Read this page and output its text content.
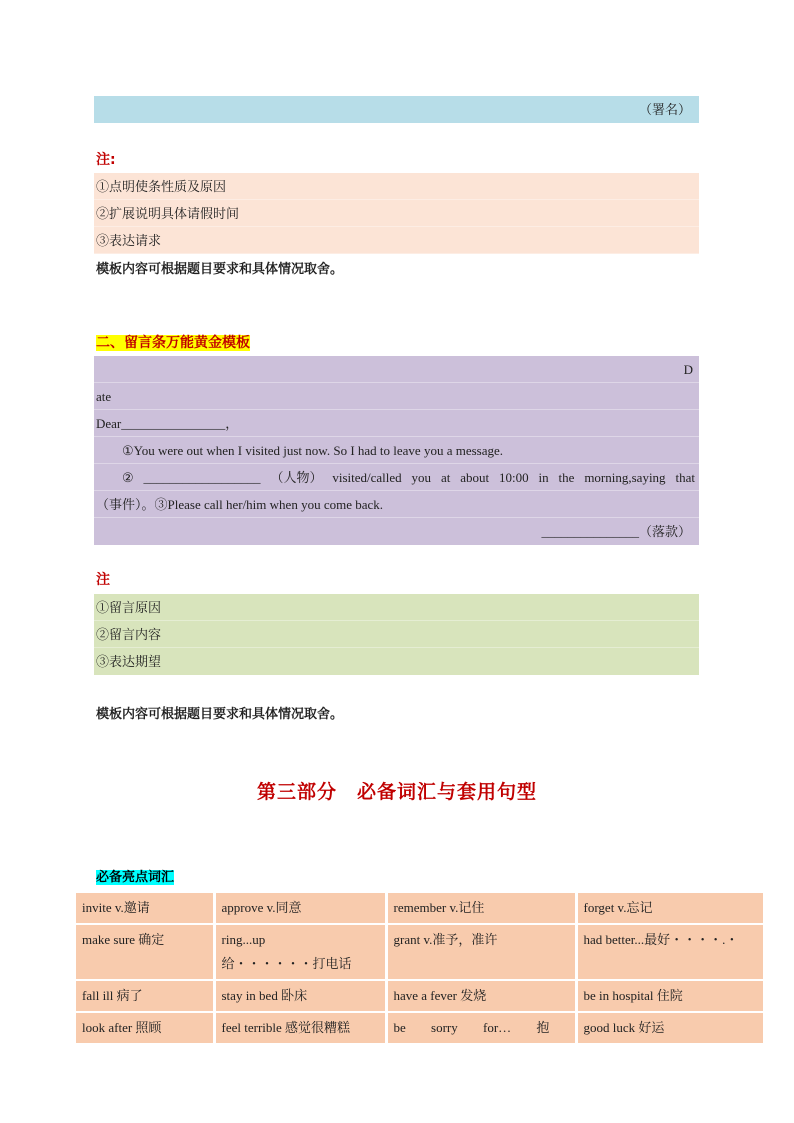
（署名）
注:
①点明使条性质及原因
②扩展说明具体请假时间
③表达请求
模板内容可根据题目要求和具体情况取舍。
二、留言条万能黄金模板
D
ate
Dear________________，
①You were out when I visited just now. So I had to leave you a message.
② __________________ （人物） visited/called you at about 10:00 in the morning,saying that
（事件）。③Please call her/him when you come back.
_______________（落款）
注
①留言原因
②留言内容
③表达期望
模板内容可根据题目要求和具体情况取舍。
第三部分　必备词汇与套用句型
必备亮点词汇
invite v.邀请	approve v.同意	remember v.记住	forget v.忘记
make sure 确定	ring...up
给・・・・・・打电话	grant v.准予，准许	had better...最好・・・・.・
fall ill 病了	stay in bed 卧床	have a fever 发烧	be in hospital 住院
look after 照顾	feel terrible 感觉很糟糕	be sorry for… 抱	good luck 好运
